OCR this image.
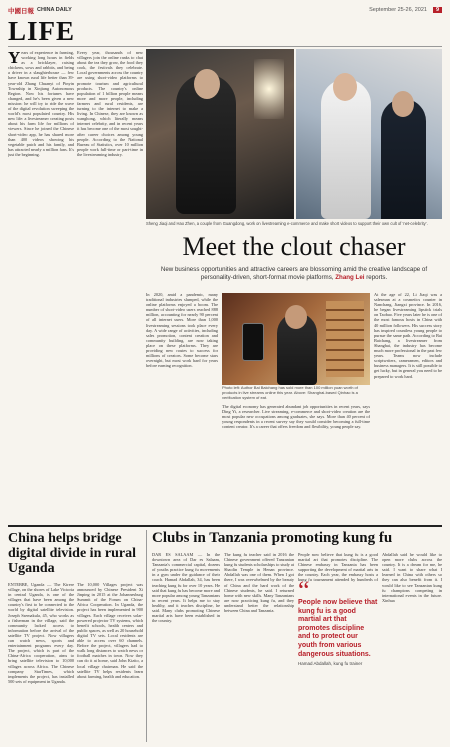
中國日報 CHINA DAILY	September 25-26, 2021	9
LIFE
Years of experience in farming, working long hours in fields as a bricklayer, raising chickens, sows and rabbits, and being a driver in a slaughterhouse — few have known rural life better than 39-year-old Zhang Chuanyi of Pinyin Township in Xinjiang Autonomous Region. Now his fortunes have changed, and he's been given a new mission: he will try to ride the wave of the digital revolution sweeping the world's most populated country. His new life: a livestreamer creating posts about his farm life for millions of viewers. Since he joined the Chinese short-video app, he has shared more than 400 videos showing his vegetable patch and his family, and has attracted nearly a million fans. It's just the beginning.
Every year, thousands of new villagers join the online ranks to chat about the tea they grow, the food they cook, the festivals they celebrate. Local governments across the country are using short-video platforms to promote tourism and agricultural products. The country's online population of 1 billion people means more and more people, including farmers and rural residents, are turning to the internet to make a living. In Chinese, they are known as wanghong, which literally means internet celebrity, and in recent years it has become one of the most sought-after career choices among young people. According to the National Bureau of Statistics, over 10 million people work full-time or part-time in the livestreaming industry.
Sheng Jiaqi and Hao Zhen, a couple from Guangdong, work on livestreaming e-commerce and make short videos to support their own cult of ‘net-celebrity’.
Meet the clout chaser
New business opportunities and attractive careers are blossoming amid the creative landscape of personality-driven, short-format movie platforms, Zhang Lei reports.
In 2020, amid a pandemic, many traditional industries slumped, while the online platforms enjoyed a boom. The number of short-video users reached 888 million, accounting for nearly 90 percent of all internet users. More than 1,000 livestreaming sessions took place every day. A wide range of activities, including sales promotion, content creation and community building, are now taking place on these platforms. They are providing new routes to success for millions of creators. Some become stars overnight, but most work hard for years before earning recognition.
Photo left: Author Bai Baichang has sold more than 100 million yuan worth of products in live streams online this year. Above: Shanghai-based Qinhao is a verification system of eat.
The digital economy has generated abundant job opportunities in recent years, says Ding Yi, a researcher. Live streaming, e-commerce and short-video creation are the most popular new occupations among graduates, she says. More than 40 percent of young respondents in a recent survey say they would consider becoming a full-time content creator. It's a career that offers freedom and flexibility, young people say.
At the age of 22, Li Jiaqi was a salesman at a cosmetics counter in Nanchang, Jiangxi province. In 2016, he began livestreaming lipstick trials on Taobao. Five years later he is one of the most famous hosts in China with 40 million followers. His success story has inspired countless young people to pursue the same path. According to Bai Baichang, a livestreamer from Shanghai, the industry has become much more professional in the past few years. Teams now include scriptwriters, cameramen, editors and business managers. It is still possible to get lucky, but in general you need to be prepared to work hard.
China helps bridge digital divide in rural Uganda
ENTEBBE, Uganda — The Kirere village, on the shores of Lake Victoria in central Uganda, is one of the villages that have been among the country's first to be connected to the world by digital satellite television. Joseph Ssemakula, 45, who works as a fisherman in the village, said the community lacked access to information before the arrival of the satellite TV project. Now villagers can watch news, sports and entertainment programs every day. The project, which is part of the China-Africa cooperation, aims to bring satellite television to 10,000 villages across Africa. The Chinese company StarTimes, which implements the project, has installed 500 sets of equipment in Uganda.
The 10,000 Villages project was announced by Chinese President Xi Jinping in 2015 at the Johannesburg Summit of the Forum on China-Africa Cooperation. In Uganda, the project has been implemented in 900 villages. Each village receives solar-powered projector TV systems, which benefit schools, health centers and public spaces, as well as 20 household digital TV sets. Local residents are able to access over 60 channels. Before the project, villagers had to walk long distances to watch news or football matches in town. Now they can do it at home, said John Kizito, a local village chairman. He said the satellite TV helps residents learn about farming, health and education.
Clubs in Tanzania promoting kung fu
DAR ES SALAAM — In the downtown area of Dar es Salaam, Tanzania's commercial capital, dozens of youths practice kung fu movements in a gym under the guidance of their coach. Hamad Abdallah, 34, has been teaching kung fu for over 10 years. He said that kung fu has become more and more popular among young Tanzanians in recent years. It helps me to stay healthy, and it teaches discipline, he said. Many clubs promoting Chinese martial arts have been established in the country.
The kung fu teacher said in 2016 the Chinese government offered Tanzanian kung fu students scholarships to study at Shaolin Temple in Henan province. Abdallah was one of them. When I got there, I was overwhelmed by the beauty of China and the hard work of the Chinese students, he said. I returned home with new skills. Many Tanzanians are now practicing kung fu, and they understand better the relationship between China and Tanzania.
People now believe that kung fu is a good martial art that promotes discipline. The Chinese embassy in Tanzania has been supporting the development of martial arts in the country. Each year, the embassy hosts a kung fu tournament attended by hundreds of
“
People now believe that kung fu is a good martial art that promotes discipline and to protect our youth from various dangerous situations.
Hamad Abdallah, kung fu trainer
Abdallah said he would like to open more clubs across the country. It is a dream for me, he said. I want to share what I learned in China with others so they can also benefit from it. I would like to see Tanzanian kung fu champions competing in international events in the future. Xinhua
